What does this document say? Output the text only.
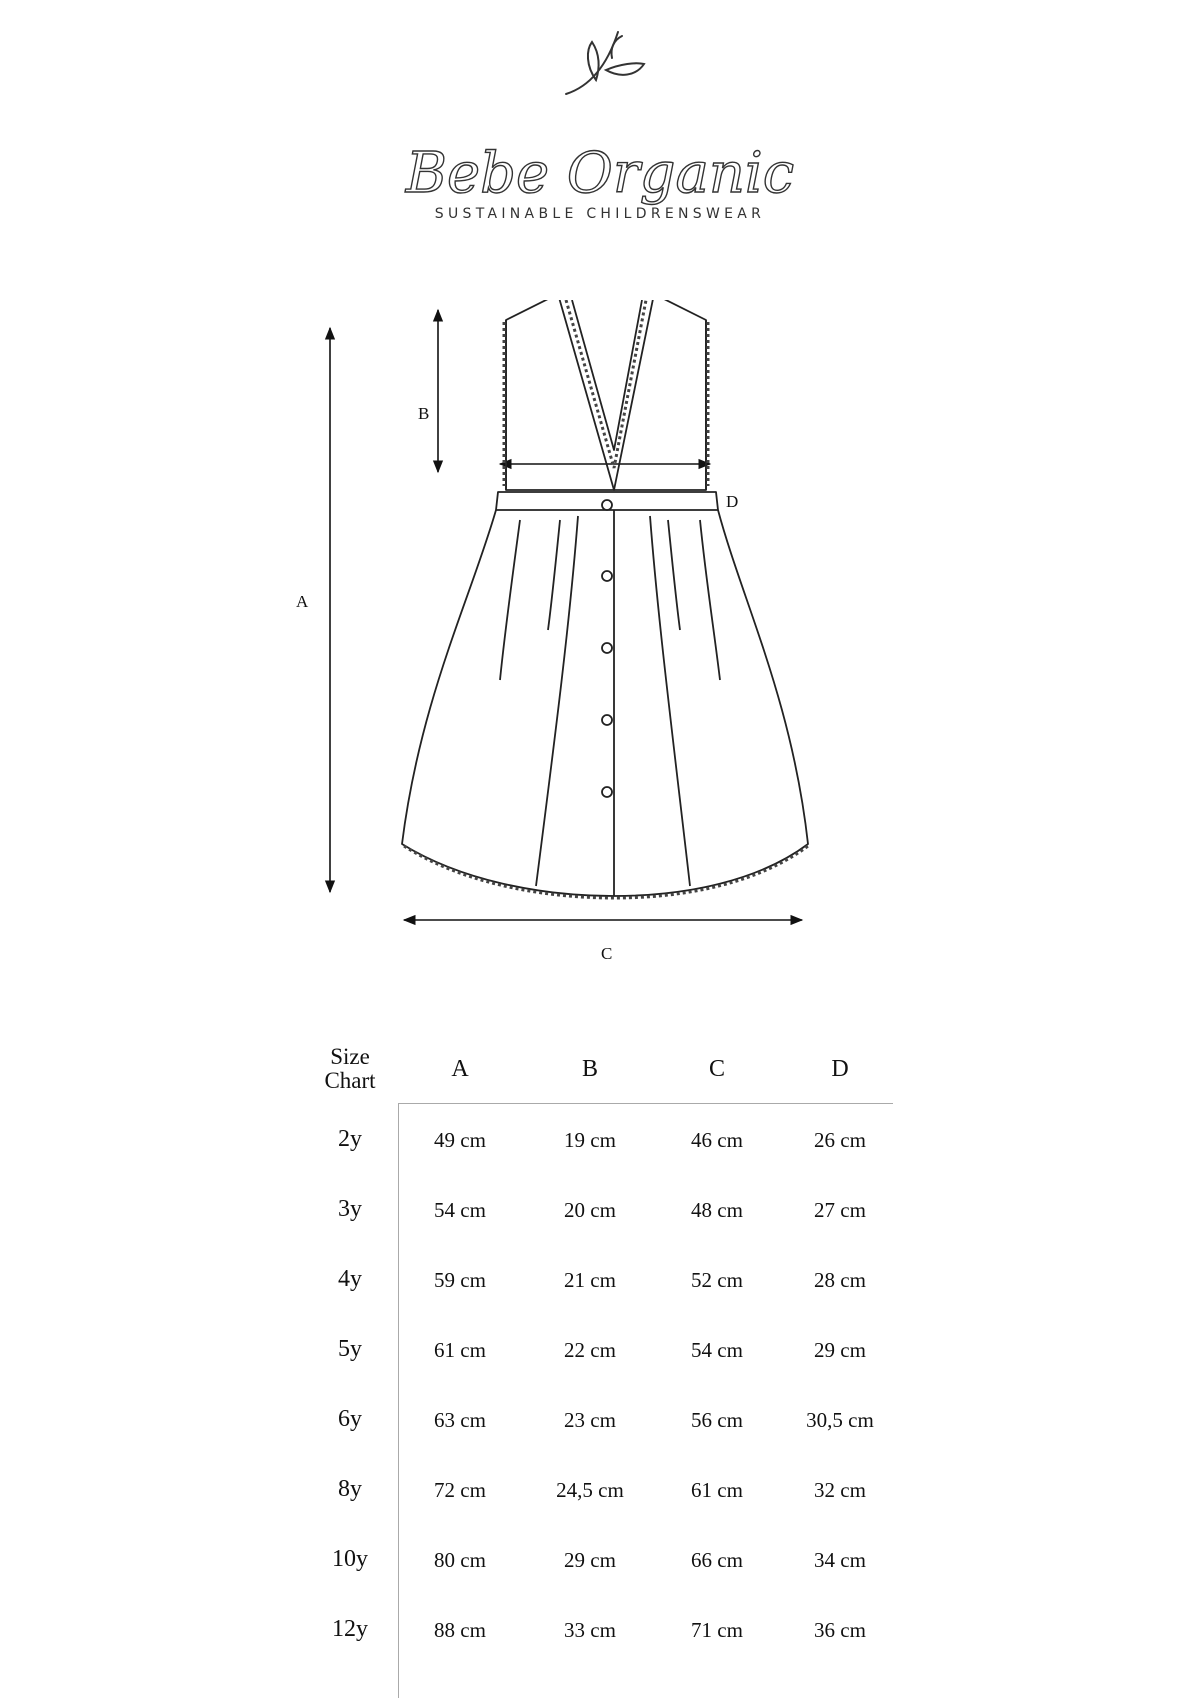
Bebe Organic
SUSTAINABLE CHILDRENSWEAR
A
B
D
C
Size
Chart	A	B	C	D
2y	49 cm	19 cm	46 cm	26 cm
3y	54 cm	20 cm	48 cm	27 cm
4y	59 cm	21 cm	52 cm	28 cm
5y	61 cm	22 cm	54 cm	29 cm
6y	63 cm	23 cm	56 cm	30,5 cm
8y	72 cm	24,5 cm	61 cm	32 cm
10y	80 cm	29 cm	66 cm	34 cm
12y	88 cm	33 cm	71 cm	36 cm
